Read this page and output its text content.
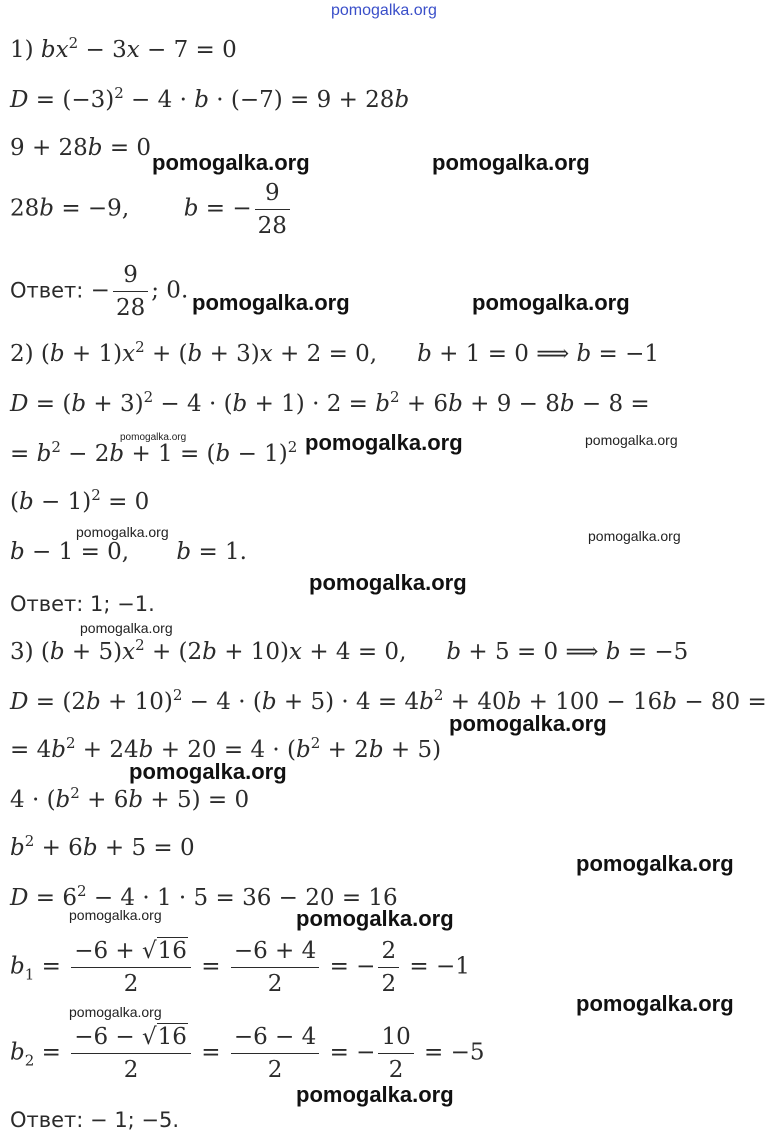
pomogalka.org
pomogalka.org	pomogalka.org
pomogalka.org	pomogalka.org
pomogalka.org	pomogalka.org	pomogalka.org
pomogalka.org	pomogalka.org
pomogalka.org
pomogalka.org
pomogalka.org
pomogalka.org
pomogalka.org
pomogalka.org	pomogalka.org
pomogalka.org
pomogalka.org
pomogalka.org
1) $bx^2 - 3x - 7 = 0$
$D = (-3)^2 - 4 \cdot b \cdot (-7) = 9 + 28b$
9 + 28b = 0
28b = −9, b = − $\frac{9}{28}$
Ответ: − $\frac{9}{28}$ ; 0.
2) $(b + 1)x^2 + (b + 3)x + 2 = 0$, b + 1 = 0 ⟹ b = −1
$D = (b + 3)^2 - 4 \cdot (b + 1) \cdot 2 = b^2 + 6b + 9 - 8b - 8$ =
= $b^2 - 2b + 1 = (b - 1)^2$
$(b - 1)^2 = 0$
b − 1 = 0, b = 1.
Ответ: 1; −1.
3) $(b + 5)x^2 + (2b + 10)x + 4 = 0$, b + 5 = 0 ⟹ b = −5
$D = (2b + 10)^2 - 4 \cdot (b + 5) \cdot 4 = 4b^2 + 40b + 100 - 16b - 80$ =
= $4b^2 + 24b + 20 = 4 \cdot (b^2 + 2b + 5)$
$4 \cdot (b^2 + 6b + 5) = 0$
$b^2 + 6b + 5 = 0$
$D = 6^2 - 4 \cdot 1 \cdot 5 = 36 - 20 = 16$
$b_1 = \frac{-6 + √16}{2} = \frac{-6 + 4}{2}$ = − $\frac{2}{2} = -1$
$b_2 = \frac{-6 - √16}{2} = \frac{-6 - 4}{2}$ = − $\frac{10}{2} = -5$
Ответ: − 1; −5.
